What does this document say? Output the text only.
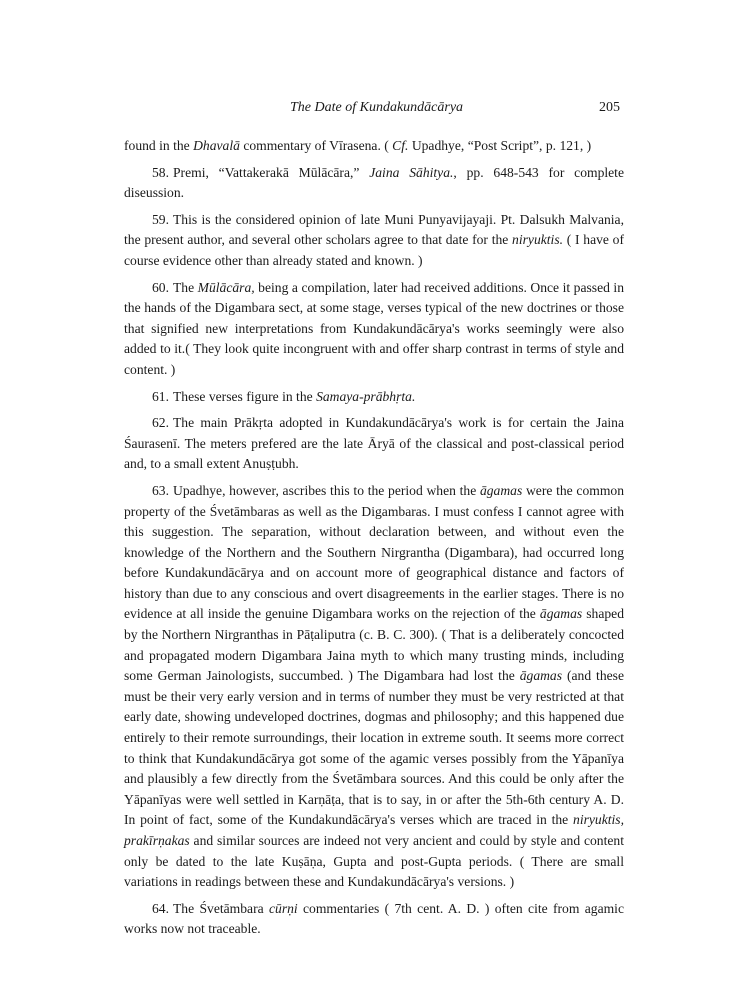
The Date of Kundakundācārya	205

found in the Dhavalā commentary of Vīrasena. ( Cf. Upadhye, “Post Script”, p. 121, )

58. Premi, “Vattakerakā Mūlācāra,” Jaina Sāhitya., pp. 648-543 for complete diseussion.

59. This is the considered opinion of late Muni Punyavijayaji. Pt. Dalsukh Malvania, the present author, and several other scholars agree to that date for the niryuktis. ( I have of course evidence other than already stated and known. )

60. The Mūlācāra, being a compilation, later had received additions. Once it passed in the hands of the Digambara sect, at some stage, verses typical of the new doctrines or those that signified new interpretations from Kundakundācārya's works seemingly were also added to it.( They look quite incongruent with and offer sharp contrast in terms of style and content. )

61. These verses figure in the Samaya-prābhṛta.

62. The main Prākṛta adopted in Kundakundācārya's work is for certain the Jaina Śaurasenī. The meters prefered are the late Āryā of the classical and post-classical period and, to a small extent Anuṣṭubh.

63. Upadhye, however, ascribes this to the period when the āgamas were the common property of the Śvetāmbaras as well as the Digambaras. I must confess I cannot agree with this suggestion. The separation, without declaration between, and without even the knowledge of the Northern and the Southern Nirgrantha (Digambara), had occurred long before Kundakundācārya and on account more of geographical distance and factors of history than due to any conscious and overt disagreements in the earlier stages. There is no evidence at all inside the genuine Digambara works on the rejection of the āgamas shaped by the Northern Nirgranthas in Pāṭaliputra (c. B. C. 300). ( That is a deliberately concocted and propagated modern Digambara Jaina myth to which many trusting minds, including some German Jainologists, succumbed. ) The Digambara had lost the āgamas (and these must be their very early version and in terms of number they must be very restricted at that early date, showing undeveloped doctrines, dogmas and philosophy; and this happened due entirely to their remote surroundings, their location in extreme south. It seems more correct to think that Kundakundācārya got some of the agamic verses possibly from the Yāpanīya and plausibly a few directly from the Śvetāmbara sources. And this could be only after the Yāpanīyas were well settled in Karṇāṭa, that is to say, in or after the 5th-6th century A. D. In point of fact, some of the Kundakundācārya's verses which are traced in the niryuktis, prakīrṇakas and similar sources are indeed not very ancient and could by style and content only be dated to the late Kuṣāṇa, Gupta and post-Gupta periods. ( There are small variations in readings between these and Kundakundācārya's versions. )

64. The Śvetāmbara cūrṇi commentaries ( 7th cent. A. D. ) often cite from agamic works now not traceable.
